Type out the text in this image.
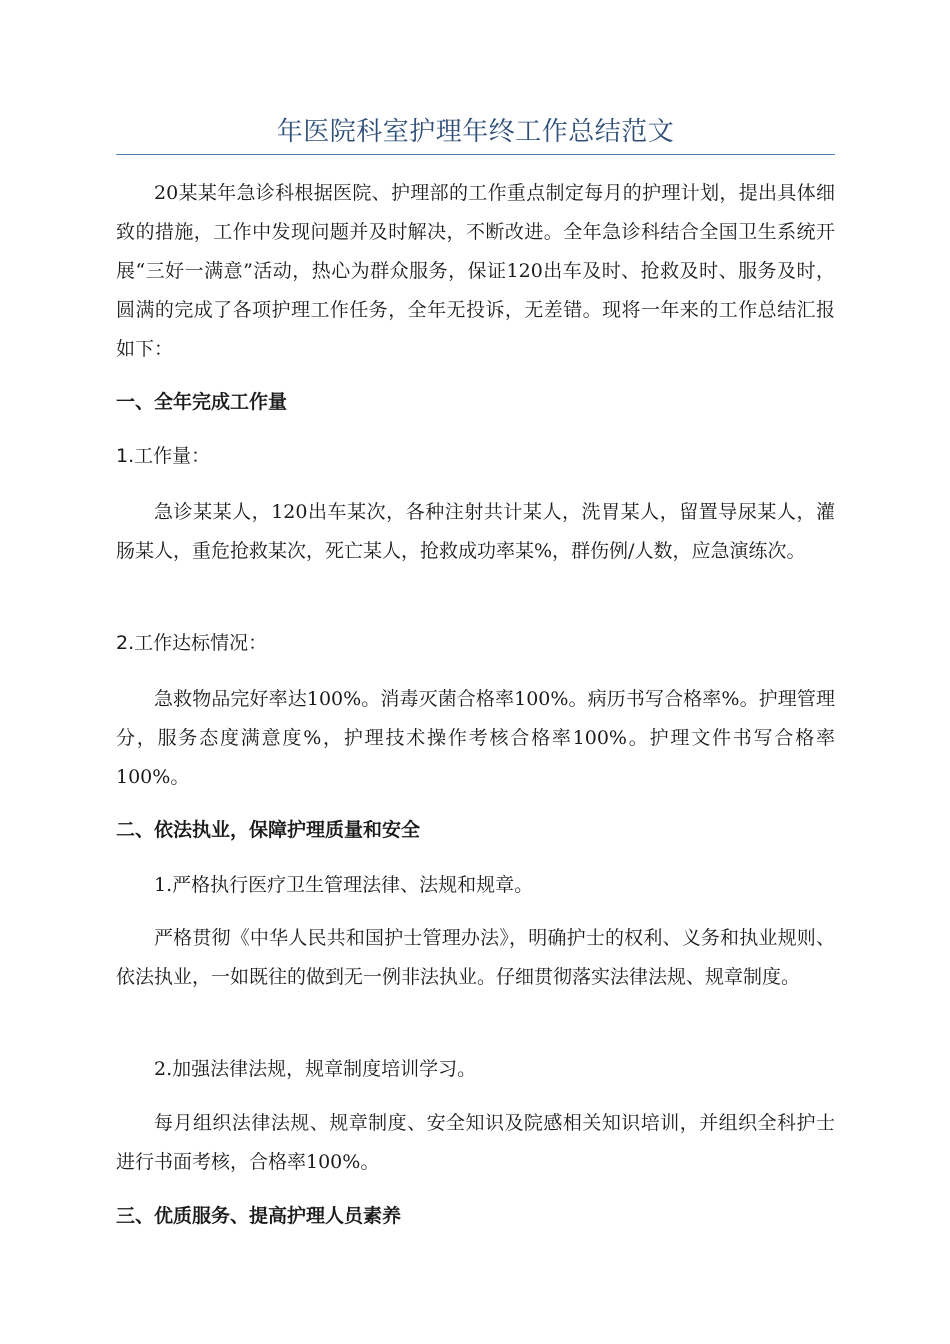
年医院科室护理年终工作总结范文

20某某年急诊科根据医院、护理部的工作重点制定每月的护理计划，提出具体细致的措施，工作中发现问题并及时解决，不断改进。全年急诊科结合全国卫生系统开展“三好一满意”活动，热心为群众服务，保证120出车及时、抢救及时、服务及时，圆满的完成了各项护理工作任务，全年无投诉，无差错。现将一年来的工作总结汇报如下：

一、全年完成工作量

1.工作量：

急诊某某人，120出车某次，各种注射共计某人，洗胃某人，留置导尿某人，灌肠某人，重危抢救某次，死亡某人，抢救成功率某%，群伤例/人数，应急演练次。

2.工作达标情况：

急救物品完好率达100%。消毒灭菌合格率100%。病历书写合格率%。护理管理分，服务态度满意度%，护理技术操作考核合格率100%。护理文件书写合格率100%。

二、依法执业，保障护理质量和安全

1.严格执行医疗卫生管理法律、法规和规章。

严格贯彻《中华人民共和国护士管理办法》，明确护士的权利、义务和执业规则、依法执业，一如既往的做到无一例非法执业。仔细贯彻落实法律法规、规章制度。

2.加强法律法规，规章制度培训学习。

每月组织法律法规、规章制度、安全知识及院感相关知识培训，并组织全科护士进行书面考核，合格率100%。

三、优质服务、提高护理人员素养
